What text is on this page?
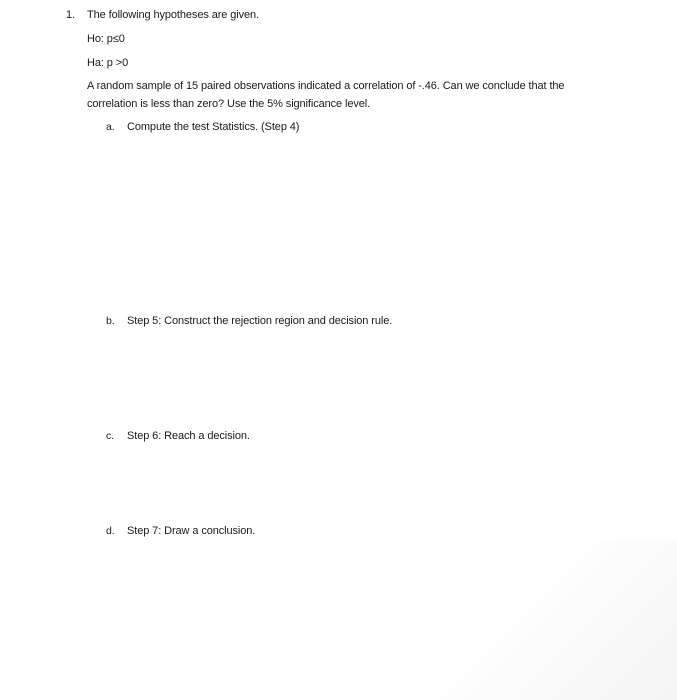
1. The following hypotheses are given.
Ho: p≤0
Ha: p >0
A random sample of 15 paired observations indicated a correlation of -.46. Can we conclude that the
correlation is less than zero? Use the 5% significance level.
a. Compute the test Statistics. (Step 4)
b. Step 5: Construct the rejection region and decision rule.
c. Step 6: Reach a decision.
d. Step 7: Draw a conclusion.
